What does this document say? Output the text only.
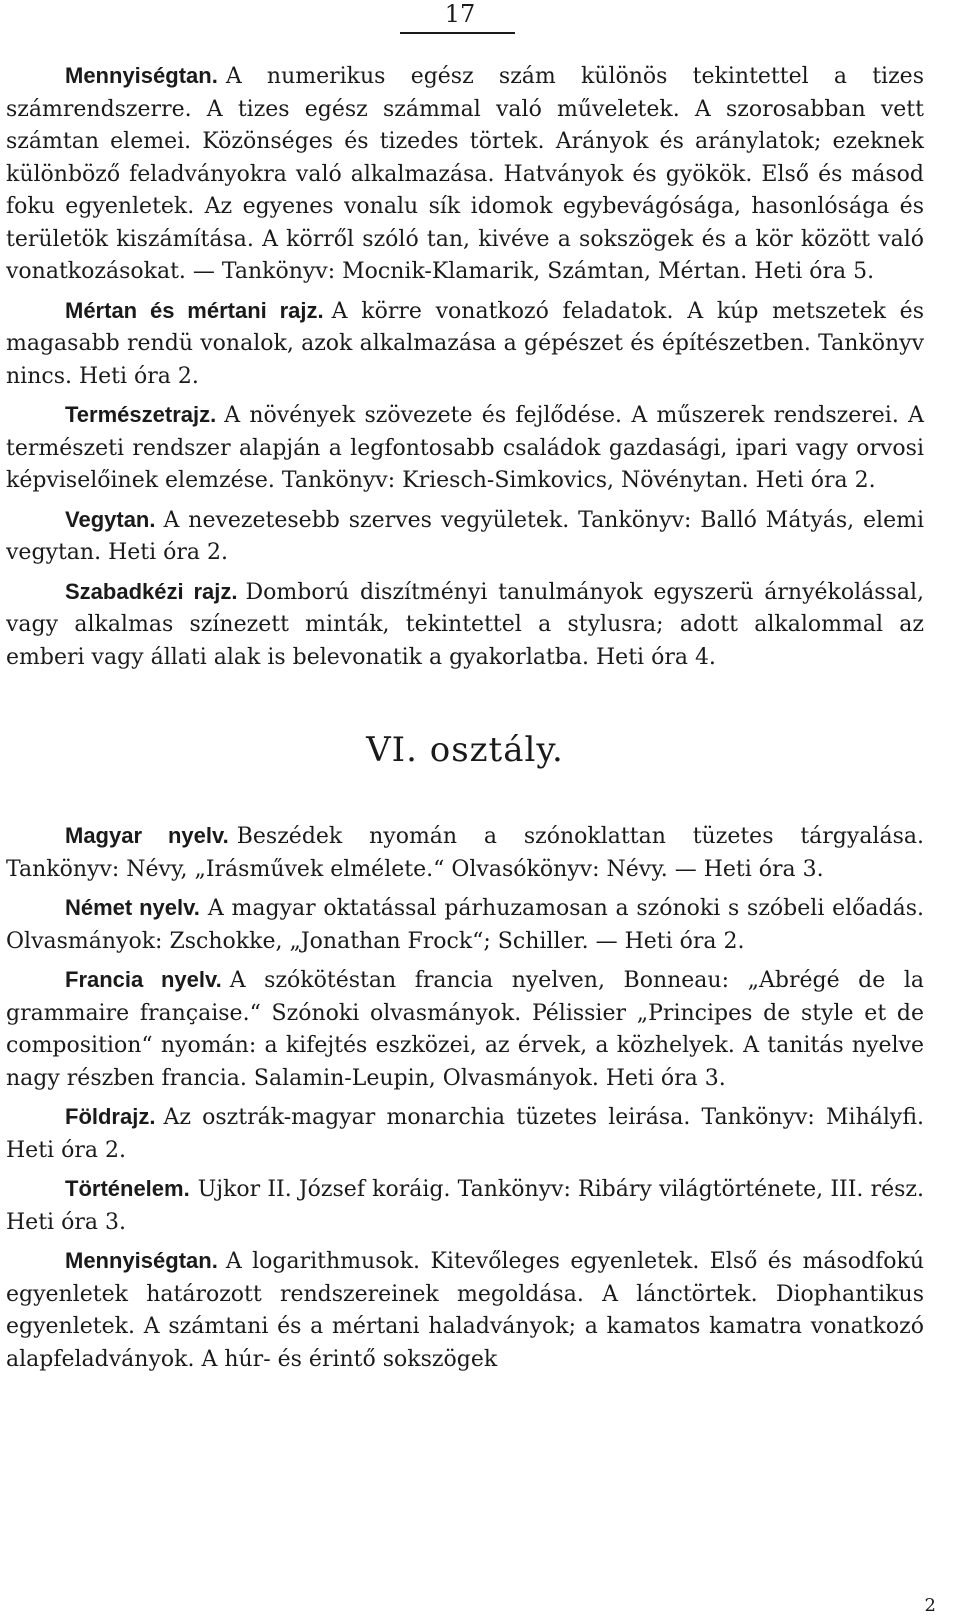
17

Mennyiségtan. A numerikus egész szám különös tekintettel a tizes számrendszerre. A tizes egész számmal való műveletek. A szorosabban vett számtan elemei. Közönséges és tizedes törtek. Arányok és aránylatok; ezeknek különböző feladványokra való alkalmazása. Hatványok és gyökök. Első és másod foku egyenletek. Az egyenes vonalu sík idomok egybevágósága, hasonlósága és területök kiszámítása. A körről szóló tan, kivéve a sokszögek és a kör között való vonatkozásokat. — Tankönyv: Mocnik-Klamarik, Számtan, Mértan. Heti óra 5.

Mértan és mértani rajz. A körre vonatkozó feladatok. A kúp metszetek és magasabb rendü vonalok, azok alkalmazása a gépészet és építészetben. Tankönyv nincs. Heti óra 2.

Természetrajz. A növények szövezete és fejlődése. A műszerek rendszerei. A természeti rendszer alapján a legfontosabb családok gazdasági, ipari vagy orvosi képviselőinek elemzése. Tankönyv: Kriesch-Simkovics, Növénytan. Heti óra 2.

Vegytan. A nevezetesebb szerves vegyületek. Tankönyv: Balló Mátyás, elemi vegytan. Heti óra 2.

Szabadkézi rajz. Domború diszítményi tanulmányok egyszerü árnyékolással, vagy alkalmas színezett minták, tekintettel a stylusra; adott alkalommal az emberi vagy állati alak is belevonatik a gyakorlatba. Heti óra 4.

VI. osztály.

Magyar nyelv. Beszédek nyomán a szónoklattan tüzetes tárgyalása. Tankönyv: Névy, „Irásművek elmélete.“ Olvasókönyv: Névy. — Heti óra 3.

Német nyelv. A magyar oktatással párhuzamosan a szónoki s szóbeli előadás. Olvasmányok: Zschokke, „Jonathan Frock“; Schiller. — Heti óra 2.

Francia nyelv. A szókötéstan francia nyelven, Bonneau: „Abrégé de la grammaire française.“ Szónoki olvasmányok. Pélissier „Principes de style et de composition“ nyomán: a kifejtés eszközei, az érvek, a közhelyek. A tanitás nyelve nagy részben francia. Salamin-Leupin, Olvasmányok. Heti óra 3.

Földrajz. Az osztrák-magyar monarchia tüzetes leirása. Tankönyv: Mihályfi. Heti óra 2.

Történelem. Ujkor II. József koráig. Tankönyv: Ribáry világtörténete, III. rész. Heti óra 3.

Mennyiségtan. A logarithmusok. Kitevőleges egyenletek. Első és másodfokú egyenletek határozott rendszereinek megoldása. A lánctörtek. Diophantikus egyenletek. A számtani és a mértani haladványok; a kamatos kamatra vonatkozó alapfeladványok. A húr- és érintő sokszögek

2
